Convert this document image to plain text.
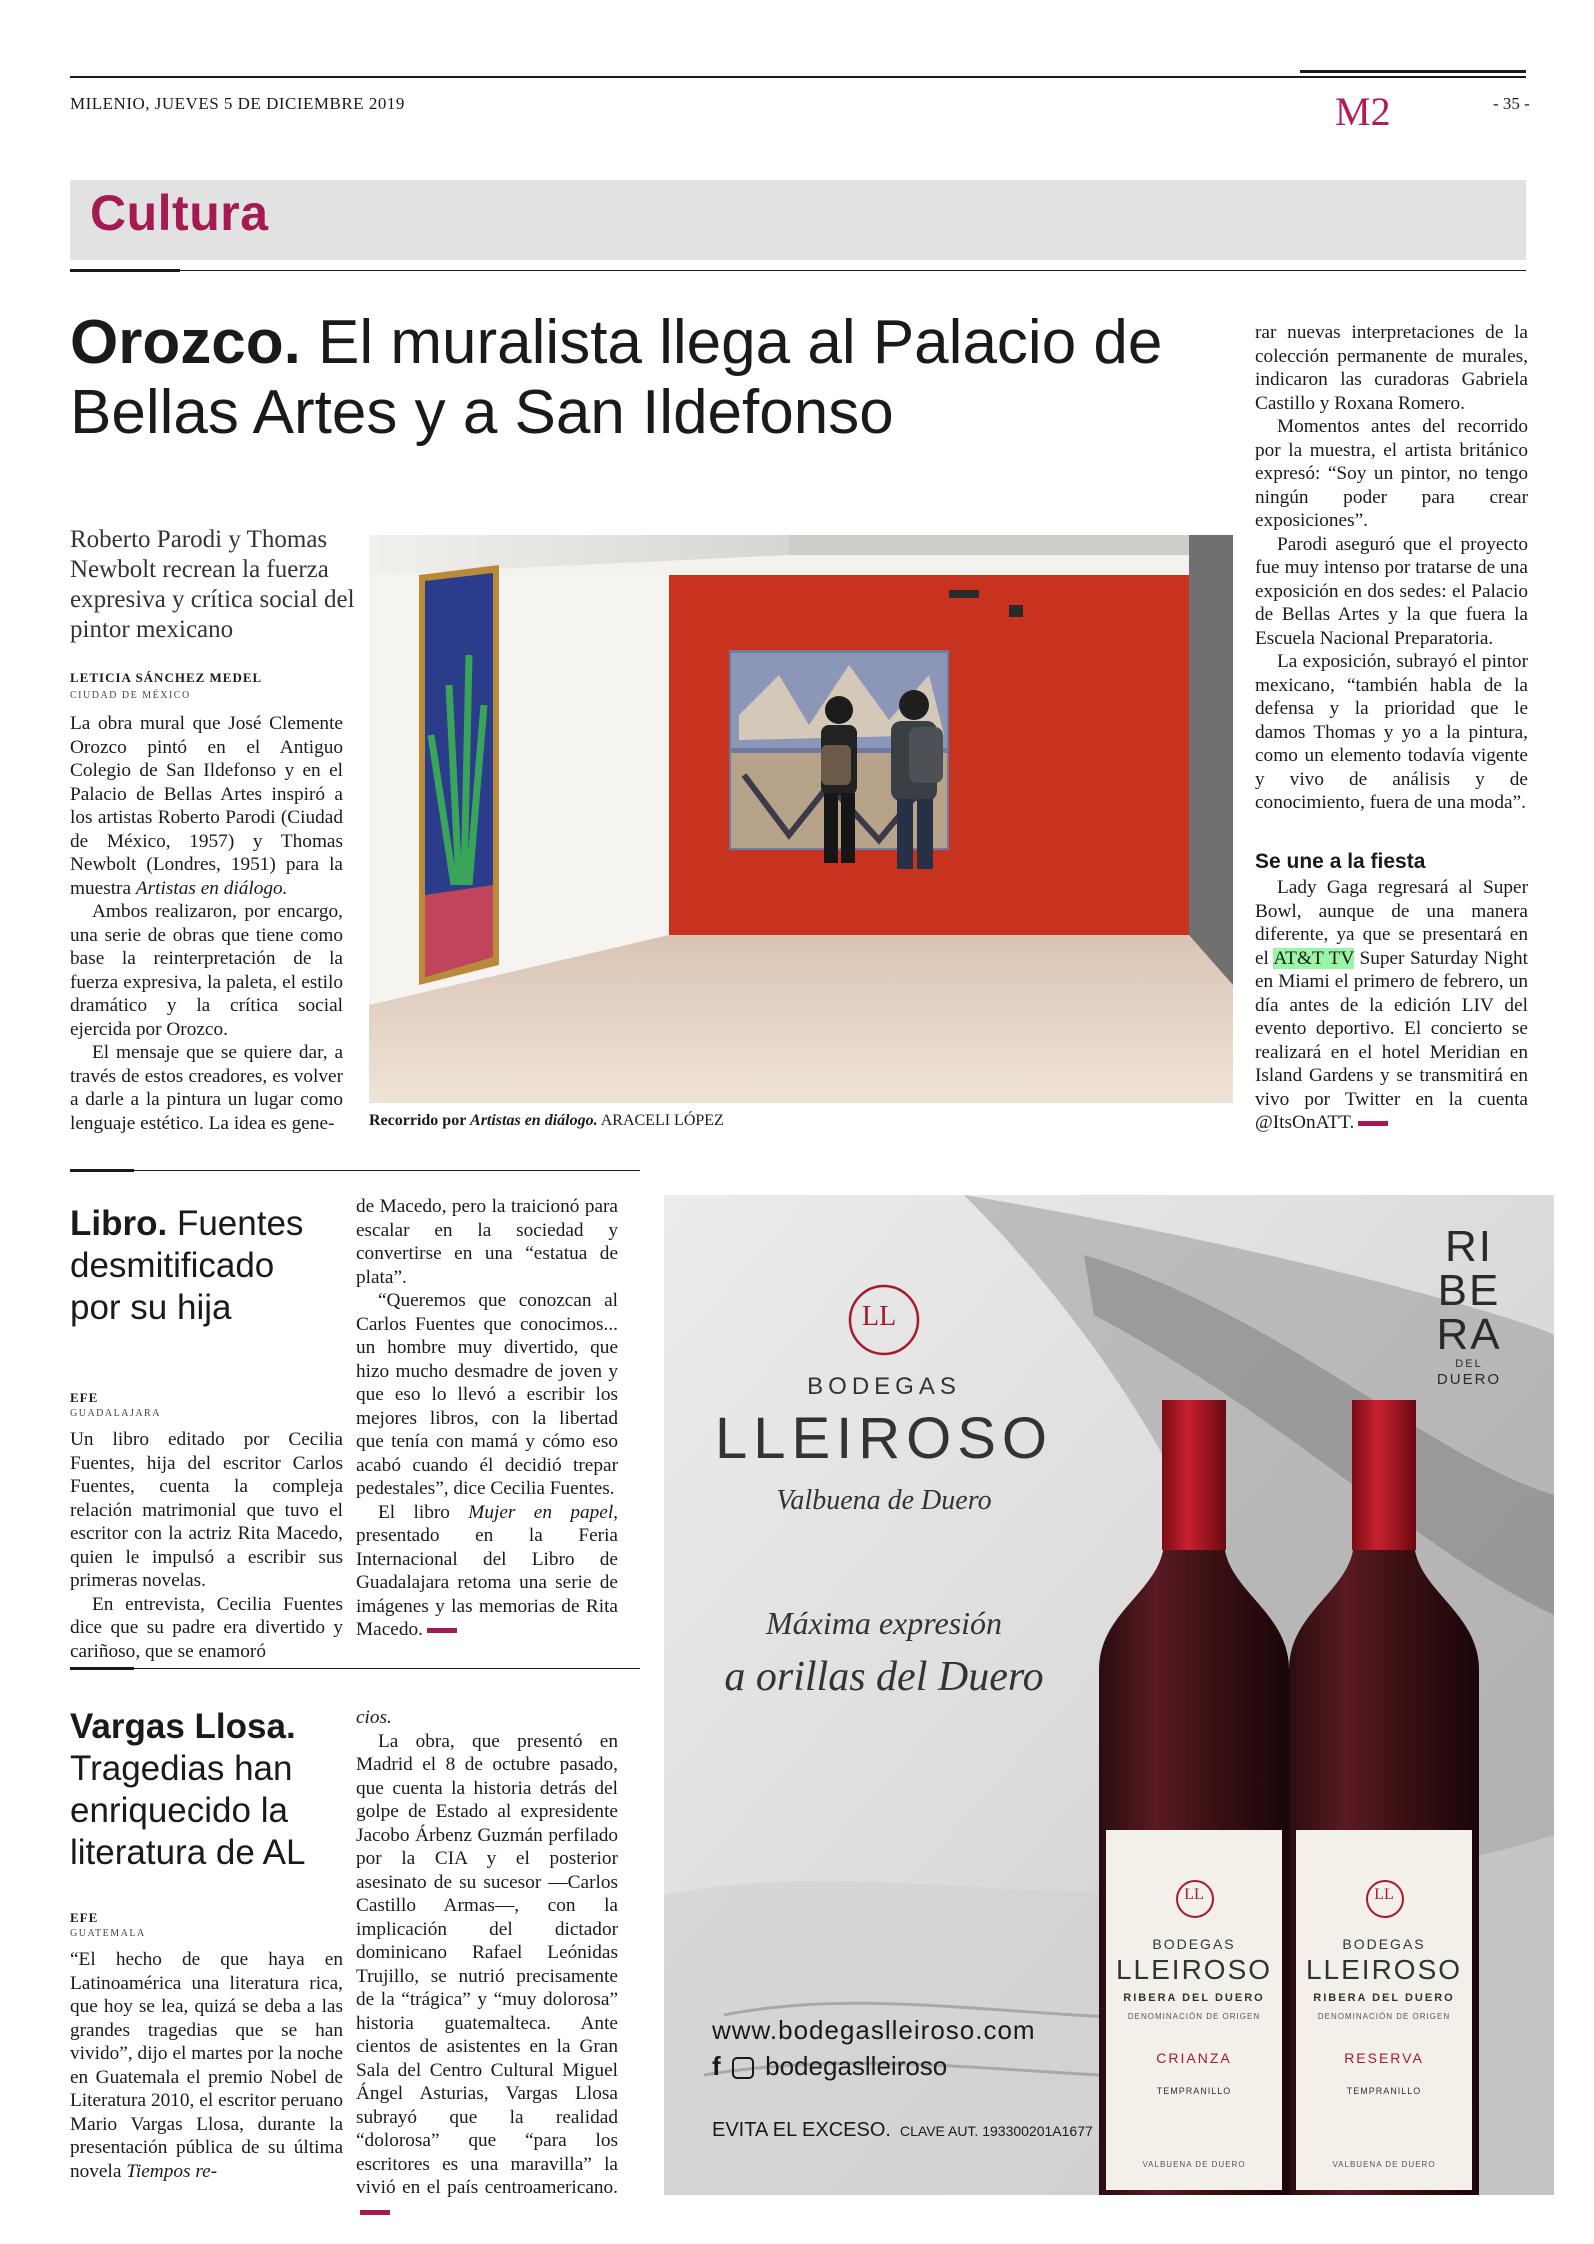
MILENIO, JUEVES 5 DE DICIEMBRE 2019	M2	- 35 -
Cultura
Orozco. El muralista llega al Palacio de Bellas Artes y a San Ildefonso
Roberto Parodi y Thomas Newbolt recrean la fuerza expresiva y crítica social del pintor mexicano
LETICIA SÁNCHEZ MEDEL
CIUDAD DE MÉXICO

La obra mural que José Clemente Orozco pintó en el Antiguo Colegio de San Ildefonso y en el Palacio de Bellas Artes inspiró a los artistas Roberto Parodi (Ciudad de México, 1957) y Thomas Newbolt (Londres, 1951) para la muestra Artistas en diálogo.

Ambos realizaron, por encargo, una serie de obras que tiene como base la reinterpretación de la fuerza expresiva, la paleta, el estilo dramático y la crítica social ejercida por Orozco.

El mensaje que se quiere dar, a través de estos creadores, es volver a darle a la pintura un lugar como lenguaje estético. La idea es gene-	Recorrido por Artistas en diálogo. ARACELI LÓPEZ

rar nuevas interpretaciones de la colección permanente de murales, indicaron las curadoras Gabriela Castillo y Roxana Romero.

Momentos antes del recorrido por la muestra, el artista británico expresó: “Soy un pintor, no tengo ningún poder para crear exposiciones”.

Parodi aseguró que el proyecto fue muy intenso por tratarse de una exposición en dos sedes: el Palacio de Bellas Artes y la que fuera la Escuela Nacional Preparatoria.

La exposición, subrayó el pintor mexicano, “también habla de la defensa y la prioridad que le damos Thomas y yo a la pintura, como un elemento todavía vigente y vivo de análisis y de conocimiento, fuera de una moda”.

Se une a la fiesta

Lady Gaga regresará al Super Bowl, aunque de una manera diferente, ya que se presentará en el AT&T TV Super Saturday Night en Miami el primero de febrero, un día antes de la edición LIV del evento deportivo. El concierto se realizará en el hotel Meridian en Island Gardens y se transmitirá en vivo por Twitter en la cuenta @ItsOnATT.

Libro. Fuentes desmitificado por su hija
EFE
GUADALAJARA

Un libro editado por Cecilia Fuentes, hija del escritor Carlos Fuentes, cuenta la compleja relación matrimonial que tuvo el escritor con la actriz Rita Macedo, quien le impulsó a escribir sus primeras novelas.

En entrevista, Cecilia Fuentes dice que su padre era divertido y cariñoso, que se enamoró

de Macedo, pero la traicionó para escalar en la sociedad y convertirse en una “estatua de plata”.

“Queremos que conozcan al Carlos Fuentes que conocimos... un hombre muy divertido, que hizo mucho desmadre de joven y que eso lo llevó a escribir los mejores libros, con la libertad que tenía con mamá y cómo eso acabó cuando él decidió trepar pedestales”, dice Cecilia Fuentes.

El libro Mujer en papel, presentado en la Feria Internacional del Libro de Guadalajara retoma una serie de imágenes y las memorias de Rita Macedo.

Vargas Llosa.
Tragedias han enriquecido la literatura de AL
EFE
GUATEMALA

“El hecho de que haya en Latinoamérica una literatura rica, que hoy se lea, quizá se deba a las grandes tragedias que se han vivido”, dijo el martes por la noche en Guatemala el premio Nobel de Literatura 2010, el escritor peruano Mario Vargas Llosa, durante la presentación pública de su última novela Tiempos re-

cios.

La obra, que presentó en Madrid el 8 de octubre pasado, que cuenta la historia detrás del golpe de Estado al expresidente Jacobo Árbenz Guzmán perfilado por la CIA y el posterior asesinato de su sucesor —Carlos Castillo Armas—, con la implicación del dictador dominicano Rafael Leónidas Trujillo, se nutrió precisamente de la “trágica” y “muy dolorosa” historia guatemalteca. Ante cientos de asistentes en la Gran Sala del Centro Cultural Miguel Ángel Asturias, Vargas Llosa subrayó que la realidad “dolorosa” que “para los escritores es una maravilla” la vivió en el país centroamericano.

LL
BODEGAS
LLEIROSO
Valbuena de Duero
Máxima expresión
a orillas del Duero
RI
BE
RA
DEL
DUERO
LL
BODEGAS
LLEIROSO
RIBERA DEL DUERO
DENOMINACIÓN DE ORIGEN
CRIANZA
TEMPRANILLO
VALBUENA DE DUERO
LL
BODEGAS
LLEIROSO
RIBERA DEL DUERO
DENOMINACIÓN DE ORIGEN
RESERVA
TEMPRANILLO
VALBUENA DE DUERO
www.bodegaslleiroso.com
f bodegaslleiroso
EVITA EL EXCESO. CLAVE AUT. 193300201A1677
